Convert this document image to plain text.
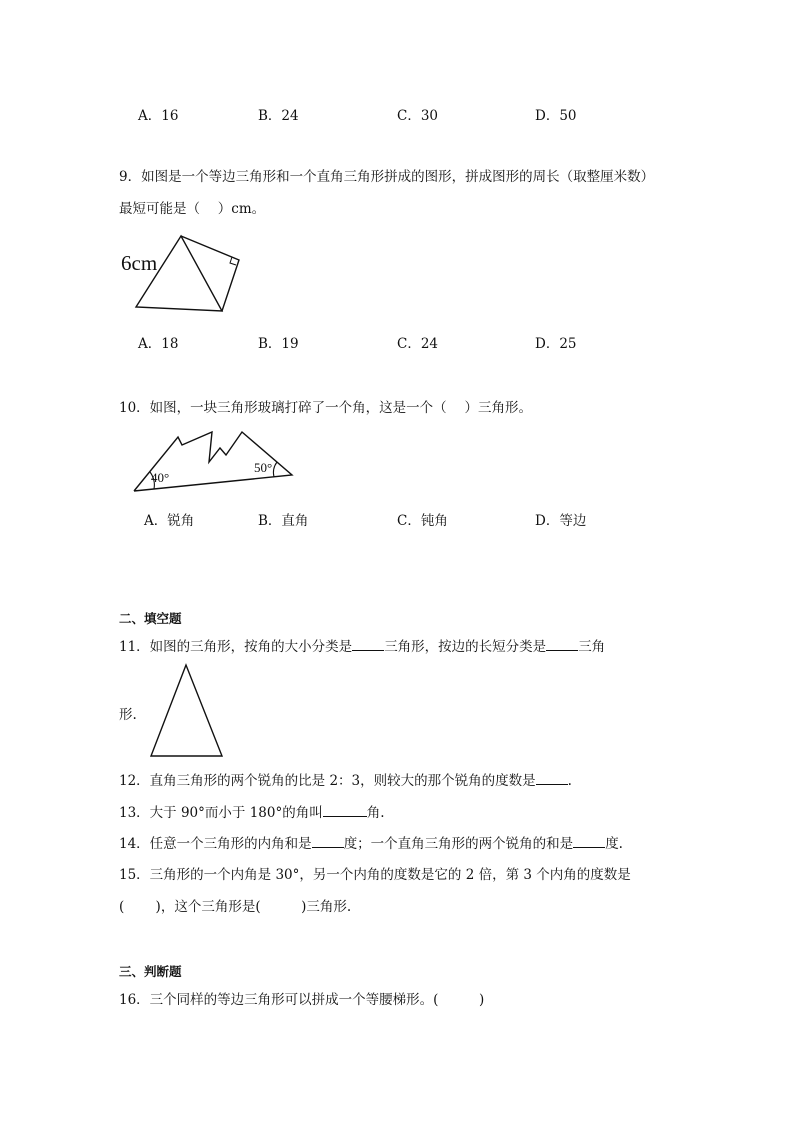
A．16	B．24	C．30	D．50
9．如图是一个等边三角形和一个直角三角形拼成的图形，拼成图形的周长（取整厘米数）
最短可能是（　 ）cm。
6cm
A．18	B．19	C．24	D．25
10．如图，一块三角形玻璃打碎了一个角，这是一个（　 ）三角形。
40°
50°
A．锐角	B．直角	C．钝角	D．等边
二、填空题
11．如图的三角形，按角的大小分类是 三角形，按边的长短分类是 三角
形.
12．直角三角形的两个锐角的比是 2：3，则较大的那个锐角的度数是 .
13．大于 90°而小于 180°的角叫	角.
14．任意一个三角形的内角和是 度；一个直角三角形的两个锐角的和是 度.
15．三角形的一个内角是 30°，另一个内角的度数是它的 2 倍，第 3 个内角的度数是
(　　 )，这个三角形是(　　　)三角形.
三、判断题
16．三个同样的等边三角形可以拼成一个等腰梯形。(　　　)
